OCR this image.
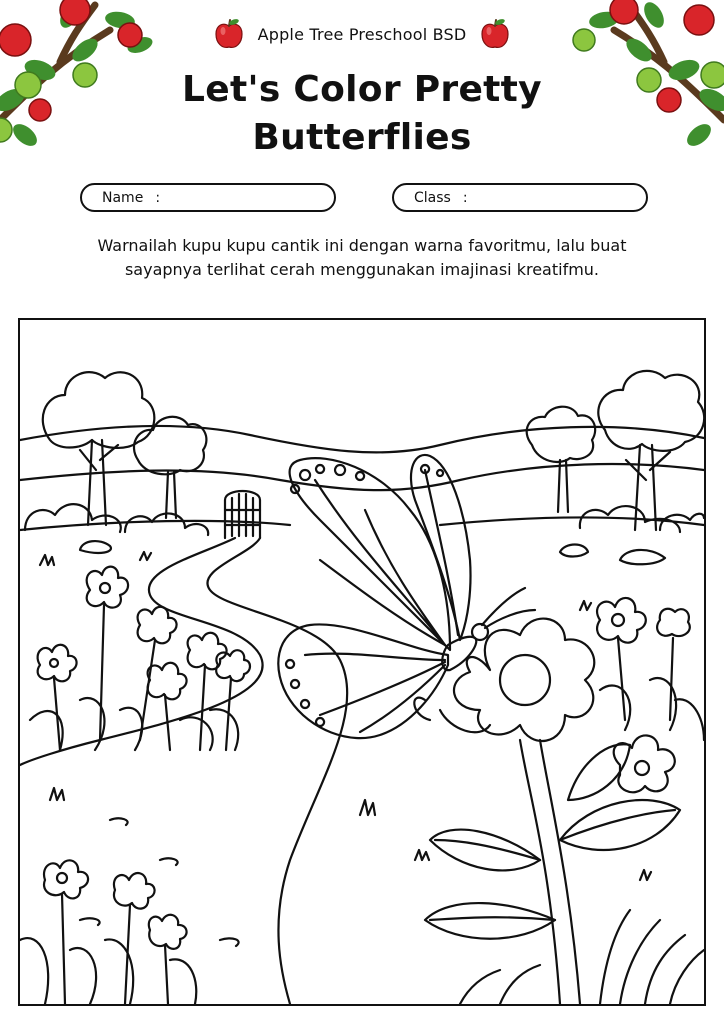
Apple Tree Preschool BSD
Let's Color Pretty
Butterflies
Name :	Class :
Warnailah kupu kupu cantik ini dengan warna favoritmu, lalu buat
sayapnya terlihat cerah menggunakan imajinasi kreatifmu.
